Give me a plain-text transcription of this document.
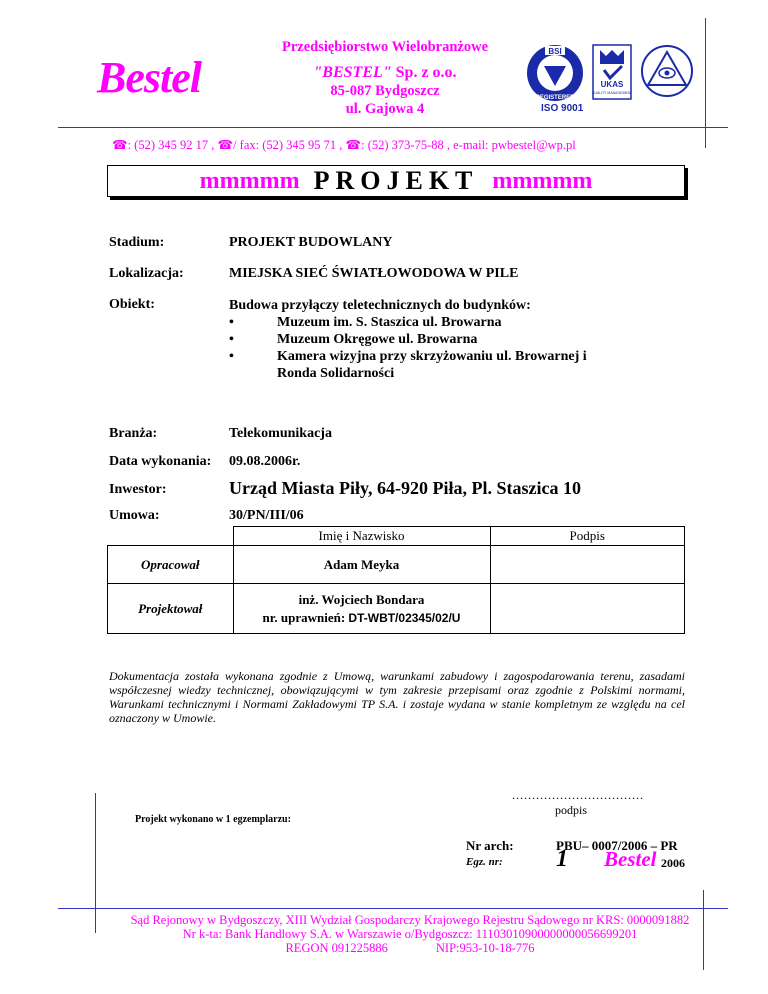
Bestel
Przedsiębiorstwo Wielobranżowe
"BESTEL" Sp. z o.o.
85-087 Bydgoszcz
ul. Gajowa 4
BSI
REGISTERED
UKAS
QUALITY MANAGEMENT
ISO 9001
☎: (52) 345 92 17 , ☎/ fax: (52) 345 95 71 , ☎: (52) 373-75-88 , e-mail: pwbestel@wp.pl
mmmmm PROJEKT mmmmm
Stadium:	PROJEKT BUDOWLANY
Lokalizacja:	MIEJSKA SIEĆ ŚWIATŁOWODOWA W PILE
Obiekt:	Budowa przyłączy teletechnicznych do budynków:
• Muzeum im. S. Staszica ul. Browarna
• Muzeum Okręgowe ul. Browarna
• Kamera wizyjna przy skrzyżowaniu ul. Browarnej i Ronda Solidarności
Branża:	Telekomunikacja
Data wykonania: 09.08.2006r.
Inwestor:	Urząd Miasta Piły, 64-920 Piła, Pl. Staszica 10
Umowa:	30/PN/III/06
	Imię i Nazwisko	Podpis
Opracował	Adam Meyka	
Projektował	inż. Wojciech Bondara
nr. uprawnień: DT-WBT/02345/02/U	

Dokumentacja została wykonana zgodnie z Umową, warunkami zabudowy i zagospodarowania terenu, zasadami współczesnej wiedzy technicznej, obowiązującymi w tym zakresie przepisami oraz zgodnie z Polskimi normami, Warunkami technicznymi i Normami Zakładowymi TP S.A. i zostaje wydana w stanie kompletnym ze względu na cel oznaczony w Umowie.
.................................
podpis
Projekt wykonano w 1 egzemplarzu:
Nr arch:	PBU– 0007/2006 – PR
Egz. nr: 1 Bestel 2006
Sąd Rejonowy w Bydgoszczy, XIII Wydział Gospodarczy Krajowego Rejestru Sądowego nr KRS: 0000091882
Nr k-ta: Bank Handlowy S.A. w Warszawie o/Bydgoszcz: 11103010900000000056699201
REGON 091225886	NIP:953-10-18-776
